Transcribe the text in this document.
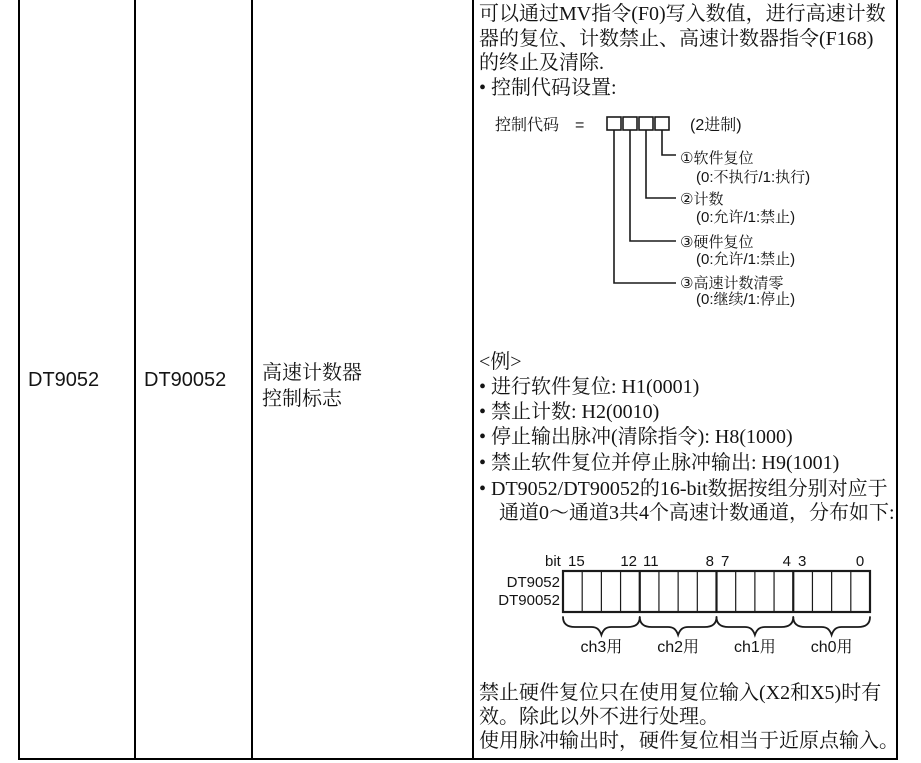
DT9052 DT90052 高速计数器
控制标志
可以通过MV指令(F0)写入数值，进行高速计数
器的复位、计数禁止、高速计数器指令(F168)
的终止及清除.
• 控制代码设置:
控制代码 =	(2进制)
①软件复位
(0:不执行/1:执行)
②计数
(0:允许/1:禁止)
③硬件复位
(0:允许/1:禁止)
③高速计数清零
(0:继续/1:停止)
<例>
• 进行软件复位: H1(0001)
• 禁止计数: H2(0010)
• 停止输出脉冲(清除指令): H8(1000)
• 禁止软件复位并停止脉冲输出: H9(1001)
• DT9052/DT90052的16-bit数据按组分别对应于
通道0～通道3共4个高速计数通道，分布如下:
bit 15 12 11	8 7	4 3	0
DT9052
DT90052
ch3用 ch2用 ch1用 ch0用
禁止硬件复位只在使用复位输入(X2和X5)时有
效。除此以外不进行处理。
使用脉冲输出时，硬件复位相当于近原点输入。
